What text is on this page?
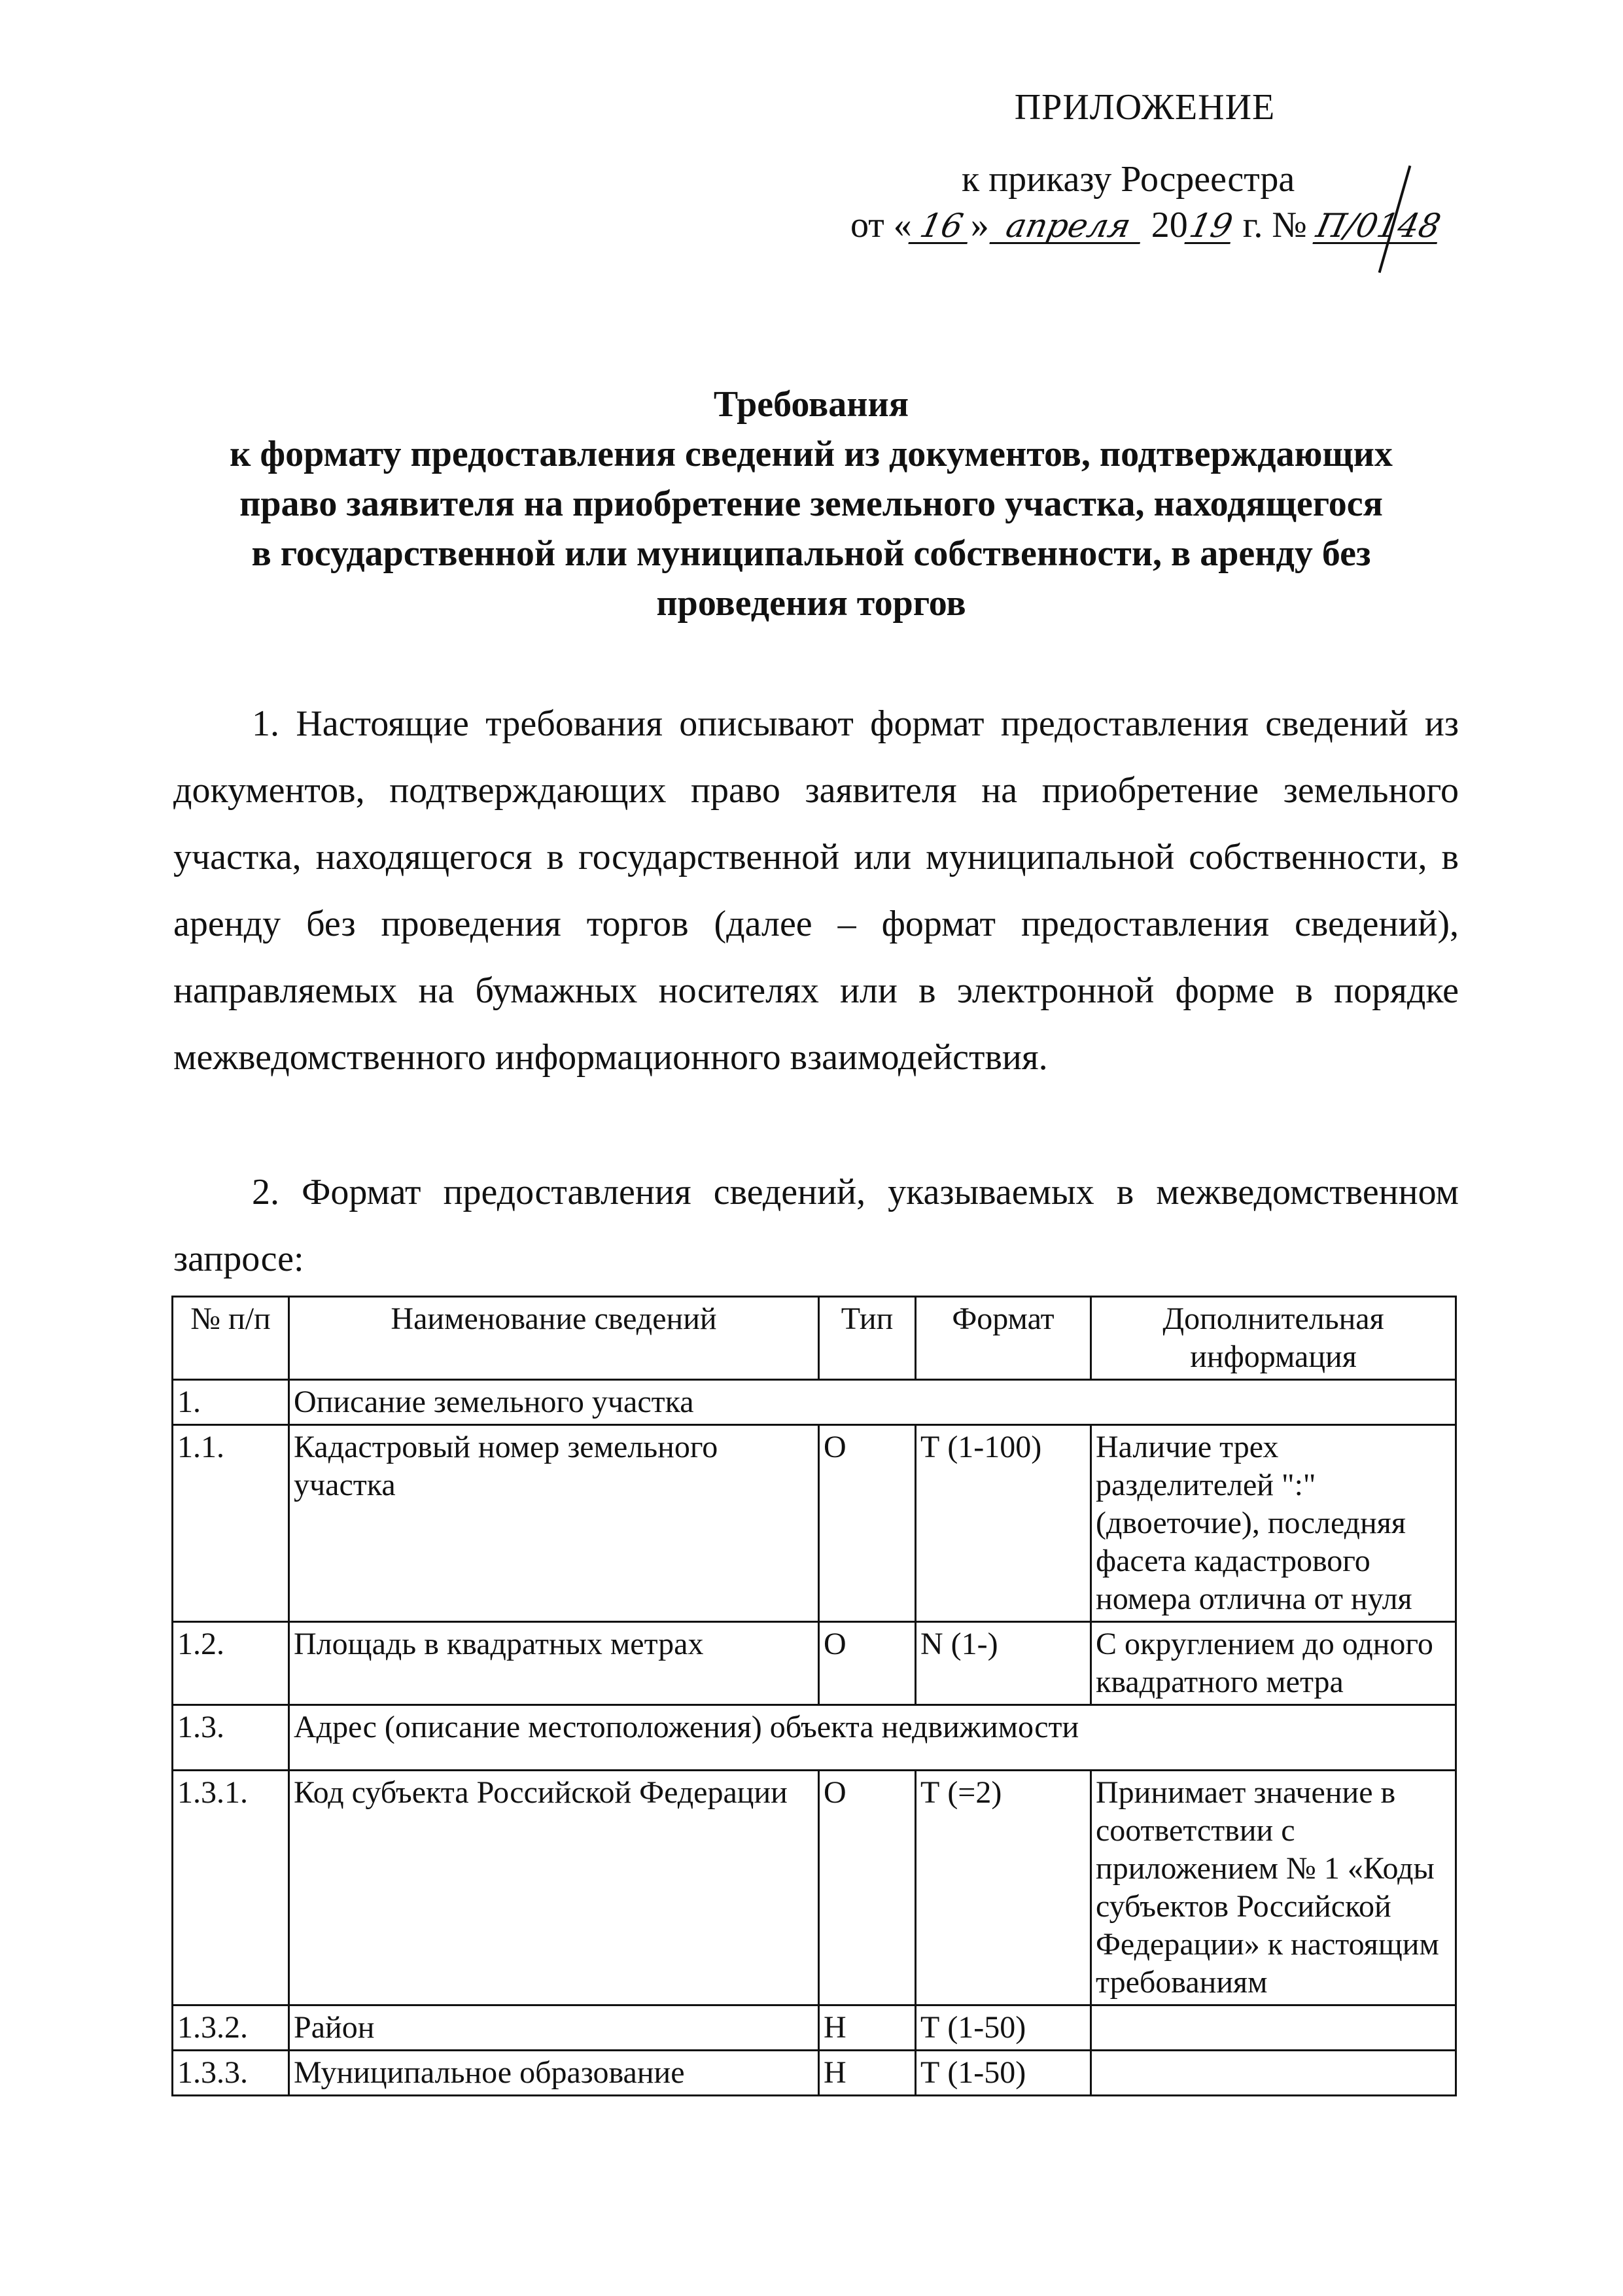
ПРИЛОЖЕНИЕ
к приказу Росреестра
от « 16 » апреля 2019 г. № П/0148
Требования
к формату предоставления сведений из документов, подтверждающих
право заявителя на приобретение земельного участка, находящегося
в государственной или муниципальной собственности, в аренду без
проведения торгов
1. Настоящие требования описывают формат предоставления сведений из документов, подтверждающих право заявителя на приобретение земельного участка, находящегося в государственной или муниципальной собственности, в аренду без проведения торгов (далее – формат предоставления сведений), направляемых на бумажных носителях или в электронной форме в порядке межведомственного информационного взаимодействия.
2. Формат предоставления сведений, указываемых в межведомственном запросе:
№ п/п	Наименование сведений	Тип	Формат	Дополнительная информация
1.	Описание земельного участка			
1.1.	Кадастровый номер земельного участка	О	Т (1-100)	Наличие трех разделителей ":" (двоеточие), последняя фасета кадастрового номера отлична от нуля
1.2.	Площадь в квадратных метрах	О	N (1-)	С округлением до одного квадратного метра
1.3.	Адрес (описание местоположения) объекта недвижимости			
1.3.1.	Код субъекта Российской Федерации	О	Т (=2)	Принимает значение в соответствии с приложением № 1 «Коды субъектов Российской Федерации» к настоящим требованиям
1.3.2.	Район	Н	Т (1-50)	
1.3.3.	Муниципальное образование	Н	Т (1-50)	
